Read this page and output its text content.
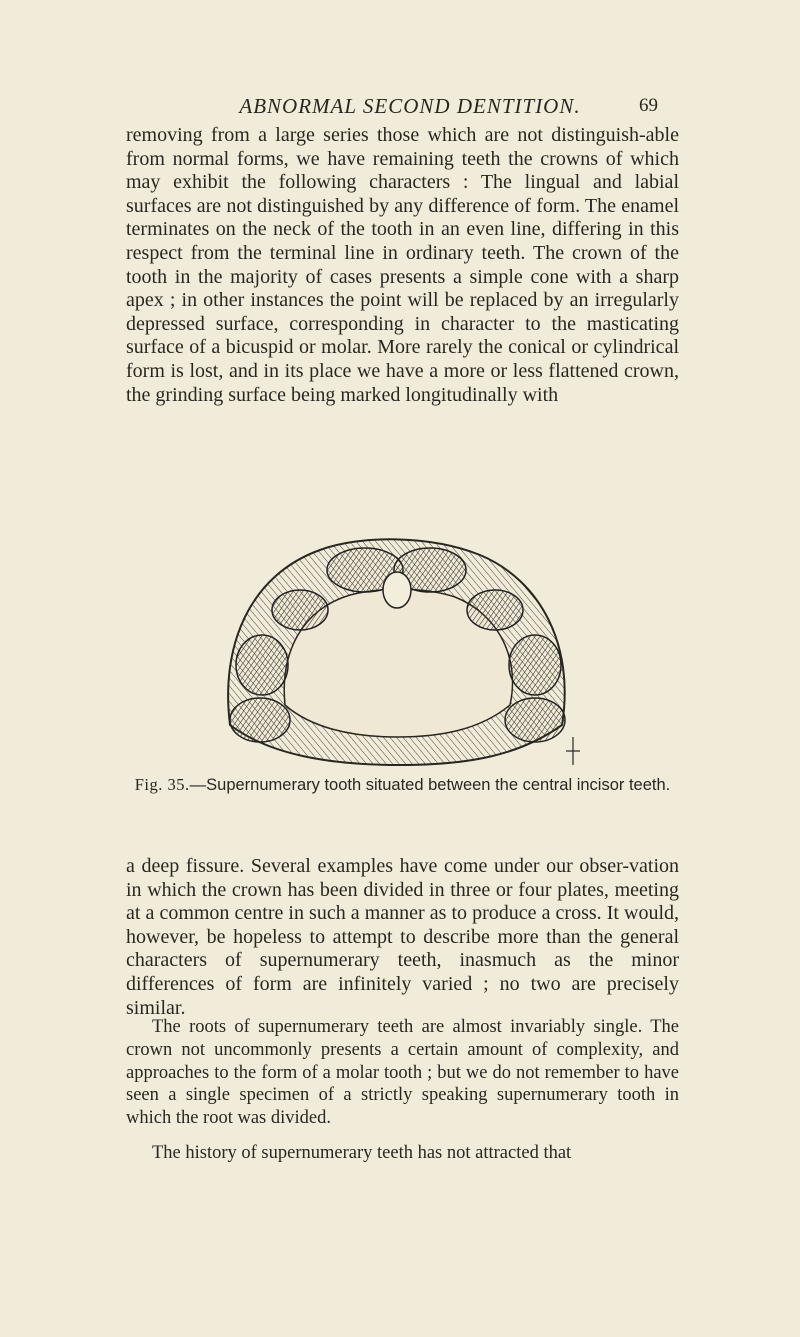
ABNORMAL SECOND DENTITION.	69

removing from a large series those which are not distinguish-able from normal forms, we have remaining teeth the crowns of which may exhibit the following characters : The lingual and labial surfaces are not distinguished by any difference of form. The enamel terminates on the neck of the tooth in an even line, differing in this respect from the terminal line in ordinary teeth. The crown of the tooth in the majority of cases presents a simple cone with a sharp apex ; in other instances the point will be replaced by an irregularly depressed surface, corresponding in character to the masticating surface of a bicuspid or molar. More rarely the conical or cylindrical form is lost, and in its place we have a more or less flattened crown, the grinding surface being marked longitudinally with

Fig. 35.—Supernumerary tooth situated between the central incisor teeth.

a deep fissure. Several examples have come under our obser-vation in which the crown has been divided in three or four plates, meeting at a common centre in such a manner as to produce a cross. It would, however, be hopeless to attempt to describe more than the general characters of supernumerary teeth, inasmuch as the minor differences of form are infinitely varied ; no two are precisely similar.

The roots of supernumerary teeth are almost invariably single. The crown not uncommonly presents a certain amount of complexity, and approaches to the form of a molar tooth ; but we do not remember to have seen a single specimen of a strictly speaking supernumerary tooth in which the root was divided.

The history of supernumerary teeth has not attracted that
